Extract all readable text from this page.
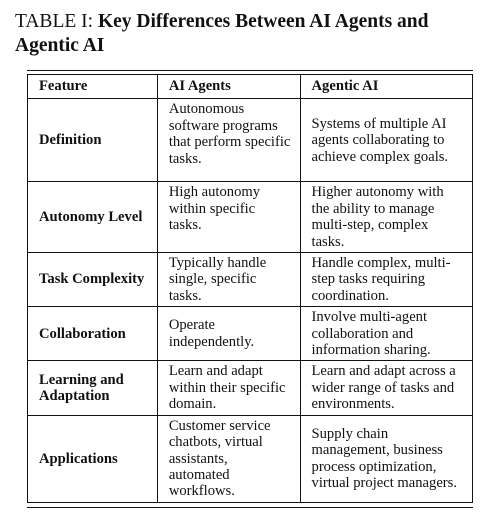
TABLE I: Key Differences Between AI Agents and Agentic AI
Feature	AI Agents	Agentic AI
Definition	Autonomous software programs that perform specific tasks.	Systems of multiple AI agents collaborating to achieve complex goals.
Autonomy Level	High autonomy within specific tasks.	Higher autonomy with the ability to manage multi-step, complex tasks.
Task Complexity	Typically handle single, specific tasks.	Handle complex, multi-step tasks requiring coordination.
Collaboration	Operate independently.	Involve multi-agent collaboration and information sharing.
Learning and Adaptation	Learn and adapt within their specific domain.	Learn and adapt across a wider range of tasks and environments.
Applications	Customer service chatbots, virtual assistants, automated workflows.	Supply chain management, business process optimization, virtual project managers.
